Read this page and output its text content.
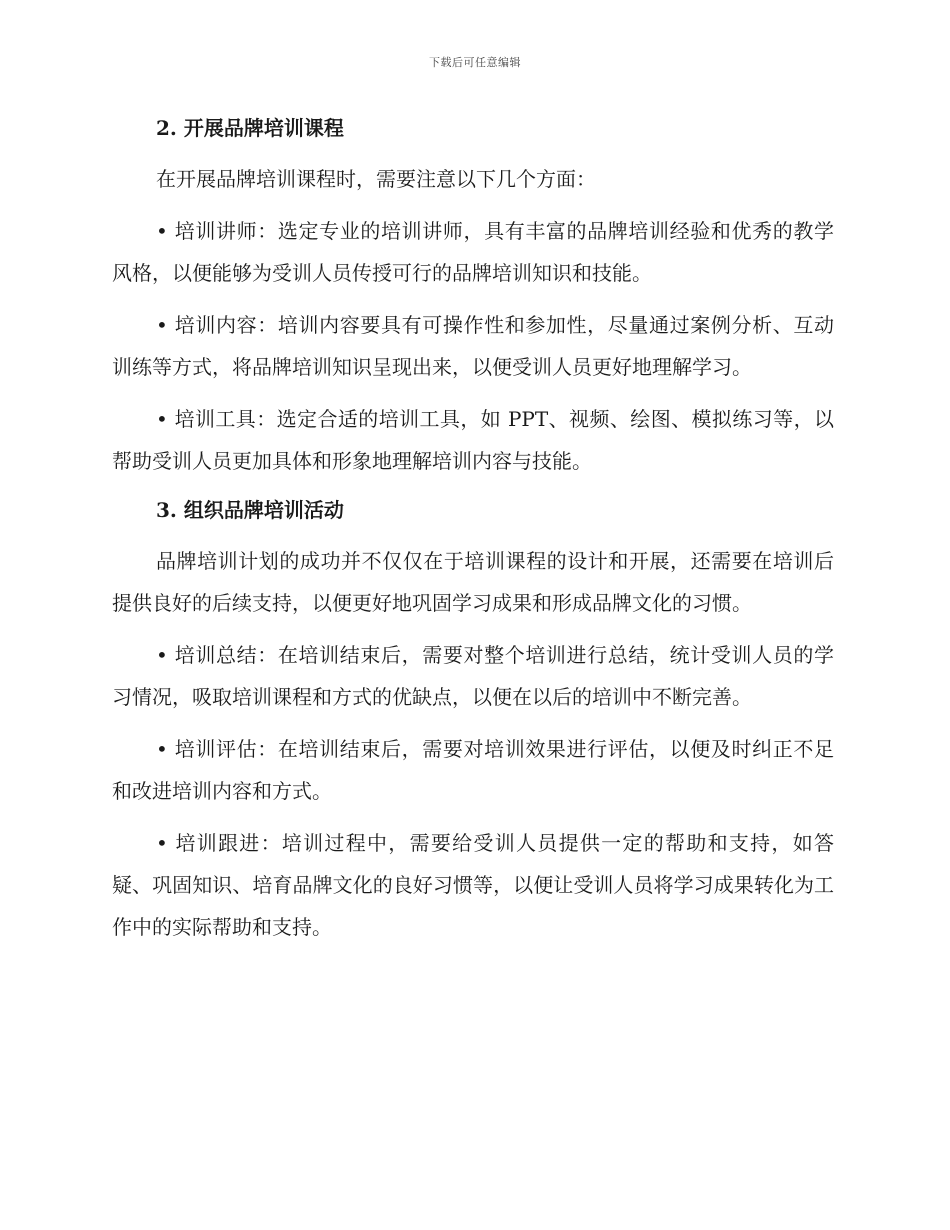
下载后可任意编辑
2. 开展品牌培训课程

在开展品牌培训课程时，需要注意以下几个方面：

• 培训讲师：选定专业的培训讲师，具有丰富的品牌培训经验和优秀的教学风格，以便能够为受训人员传授可行的品牌培训知识和技能。

• 培训内容：培训内容要具有可操作性和参加性，尽量通过案例分析、互动训练等方式，将品牌培训知识呈现出来，以便受训人员更好地理解学习。

• 培训工具：选定合适的培训工具，如 PPT、视频、绘图、模拟练习等，以帮助受训人员更加具体和形象地理解培训内容与技能。

3. 组织品牌培训活动

品牌培训计划的成功并不仅仅在于培训课程的设计和开展，还需要在培训后提供良好的后续支持，以便更好地巩固学习成果和形成品牌文化的习惯。

• 培训总结：在培训结束后，需要对整个培训进行总结，统计受训人员的学习情况，吸取培训课程和方式的优缺点，以便在以后的培训中不断完善。

• 培训评估：在培训结束后，需要对培训效果进行评估，以便及时纠正不足和改进培训内容和方式。

• 培训跟进：培训过程中，需要给受训人员提供一定的帮助和支持，如答疑、巩固知识、培育品牌文化的良好习惯等，以便让受训人员将学习成果转化为工作中的实际帮助和支持。
